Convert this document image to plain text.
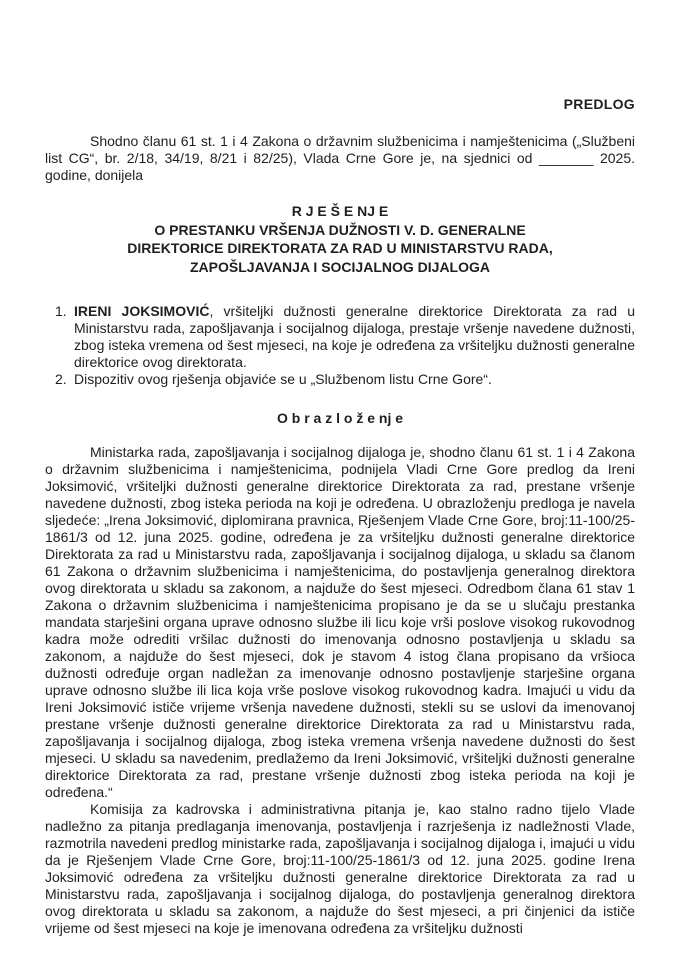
PREDLOG

Shodno članu 61 st. 1 i 4 Zakona o državnim službenicima i namještenicima („Službeni list CG“, br. 2/18, 34/19, 8/21 i 82/25), Vlada Crne Gore je, na sjednici od _______ 2025. godine, donijela

R J E Š E NJ E
O PRESTANKU VRŠENJA DUŽNOSTI V. D. GENERALNE
DIREKTORICE DIREKTORATA ZA RAD U MINISTARSTVU RADA,
ZAPOŠLJAVANJA I SOCIJALNOG DIJALOGA
1. IRENI JOKSIMOVIĆ, vršiteljki dužnosti generalne direktorice Direktorata za rad u Ministarstvu rada, zapošljavanja i socijalnog dijaloga, prestaje vršenje navedene dužnosti, zbog isteka vremena od šest mjeseci, na koje je određena za vršiteljku dužnosti generalne direktorice ovog direktorata.
2. Dispozitiv ovog rješenja objaviće se u „Službenom listu Crne Gore“.
O b r a z l o ž e nj e

Ministarka rada, zapošljavanja i socijalnog dijaloga je, shodno članu 61 st. 1 i 4 Zakona o državnim službenicima i namještenicima, podnijela Vladi Crne Gore predlog da Ireni Joksimović, vršiteljki dužnosti generalne direktorice Direktorata za rad, prestane vršenje navedene dužnosti, zbog isteka perioda na koji je određena. U obrazloženju predloga je navela sljedeće: „Irena Joksimović, diplomirana pravnica, Rješenjem Vlade Crne Gore, broj:11-100/25-1861/3 od 12. juna 2025. godine, određena je za vršiteljku dužnosti generalne direktorice Direktorata za rad u Ministarstvu rada, zapošljavanja i socijalnog dijaloga, u skladu sa članom 61 Zakona o državnim službenicima i namještenicima, do postavljenja generalnog direktora ovog direktorata u skladu sa zakonom, a najduže do šest mjeseci. Odredbom člana 61 stav 1 Zakona o državnim službenicima i namještenicima propisano je da se u slučaju prestanka mandata starješini organa uprave odnosno službe ili licu koje vrši poslove visokog rukovodnog kadra može odrediti vršilac dužnosti do imenovanja odnosno postavljenja u skladu sa zakonom, a najduže do šest mjeseci, dok je stavom 4 istog člana propisano da vršioca dužnosti određuje organ nadležan za imenovanje odnosno postavljenje starješine organa uprave odnosno službe ili lica koja vrše poslove visokog rukovodnog kadra. Imajući u vidu da Ireni Joksimović ističe vrijeme vršenja navedene dužnosti, stekli su se uslovi da imenovanoj prestane vršenje dužnosti generalne direktorice Direktorata za rad u Ministarstvu rada, zapošljavanja i socijalnog dijaloga, zbog isteka vremena vršenja navedene dužnosti do šest mjeseci. U skladu sa navedenim, predlažemo da Ireni Joksimović, vršiteljki dužnosti generalne direktorice Direktorata za rad, prestane vršenje dužnosti zbog isteka perioda na koji je određena.“

Komisija za kadrovska i administrativna pitanja je, kao stalno radno tijelo Vlade nadležno za pitanja predlaganja imenovanja, postavljenja i razrješenja iz nadležnosti Vlade, razmotrila navedeni predlog ministarke rada, zapošljavanja i socijalnog dijaloga i, imajući u vidu da je Rješenjem Vlade Crne Gore, broj:11-100/25-1861/3 od 12. juna 2025. godine Irena Joksimović određena za vršiteljku dužnosti generalne direktorice Direktorata za rad u Ministarstvu rada, zapošljavanja i socijalnog dijaloga, do postavljenja generalnog direktora ovog direktorata u skladu sa zakonom, a najduže do šest mjeseci, a pri činjenici da ističe vrijeme od šest mjeseci na koje je imenovana određena za vršiteljku dužnosti
